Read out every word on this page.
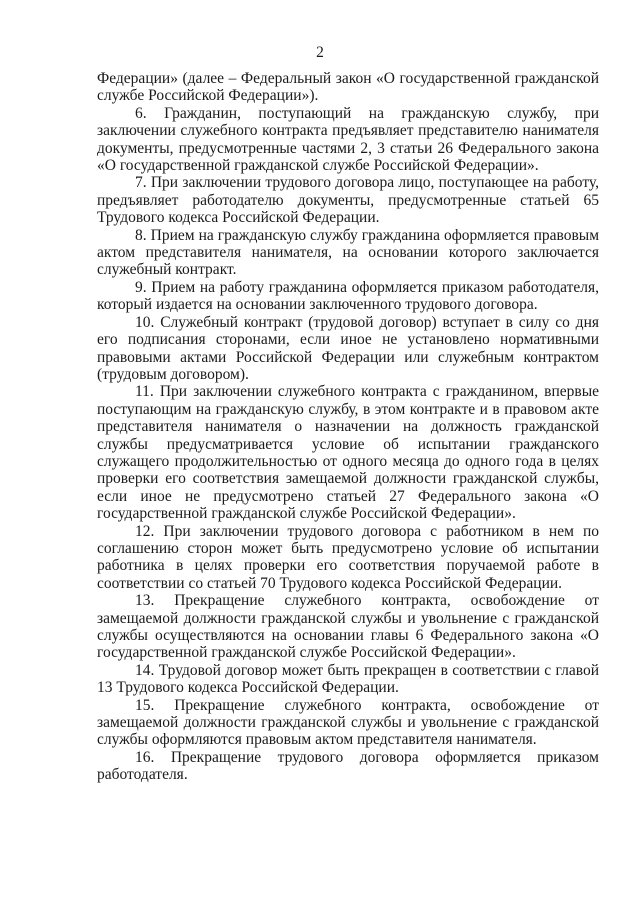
2

Федерации» (далее – Федеральный закон «О государственной гражданской службе Российской Федерации»).

6. Гражданин, поступающий на гражданскую службу, при заключении служебного контракта предъявляет представителю нанимателя документы, предусмотренные частями 2, 3 статьи 26 Федерального закона «О государственной гражданской службе Российской Федерации».

7. При заключении трудового договора лицо, поступающее на работу, предъявляет работодателю документы, предусмотренные статьей 65 Трудового кодекса Российской Федерации.

8. Прием на гражданскую службу гражданина оформляется правовым актом представителя нанимателя, на основании которого заключается служебный контракт.

9. Прием на работу гражданина оформляется приказом работодателя, который издается на основании заключенного трудового договора.

10. Служебный контракт (трудовой договор) вступает в силу со дня его подписания сторонами, если иное не установлено нормативными правовыми актами Российской Федерации или служебным контрактом (трудовым договором).

11. При заключении служебного контракта с гражданином, впервые поступающим на гражданскую службу, в этом контракте и в правовом акте представителя нанимателя о назначении на должность гражданской службы предусматривается условие об испытании гражданского служащего продолжительностью от одного месяца до одного года в целях проверки его соответствия замещаемой должности гражданской службы, если иное не предусмотрено статьей 27 Федерального закона «О государственной гражданской службе Российской Федерации».

12. При заключении трудового договора с работником в нем по соглашению сторон может быть предусмотрено условие об испытании работника в целях проверки его соответствия поручаемой работе в соответствии со статьей 70 Трудового кодекса Российской Федерации.

13. Прекращение служебного контракта, освобождение от замещаемой должности гражданской службы и увольнение с гражданской службы осуществляются на основании главы 6 Федерального закона «О государственной гражданской службе Российской Федерации».

14. Трудовой договор может быть прекращен в соответствии с главой 13 Трудового кодекса Российской Федерации.

15. Прекращение служебного контракта, освобождение от замещаемой должности гражданской службы и увольнение с гражданской службы оформляются правовым актом представителя нанимателя.

16. Прекращение трудового договора оформляется приказом работодателя.
